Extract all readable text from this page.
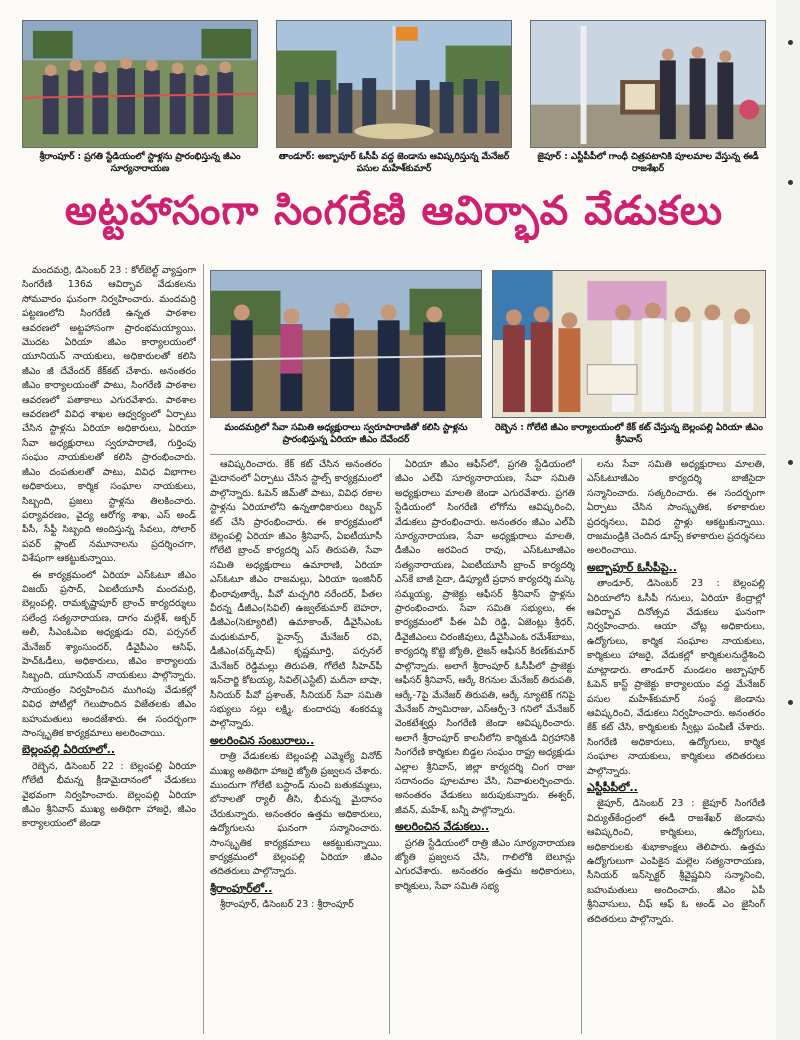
శ్రీరాంపూర్ : ప్రగతి స్టేడియంలో స్టాళ్లను ప్రారంభిస్తున్న జీఎం సూర్యనారాయణ
తాండూర్: అబ్బాపూర్ ఓసీపీ వద్ద జెండాను ఆవిష్కరిస్తున్న మేనేజర్ పసుల మహేశ్‌కుమార్
జైపూర్ : ఎస్టీపీపీలో గాంధీ చిత్రపటానికి పూలమాల వేస్తున్న ఈడీ రాజశేఖర్
అట్టహాసంగా సింగరేణి ఆవిర్భావ వేడుకలు

మందమర్రి, డిసెంబర్ 23 : కోల్‌బెల్ట్ వ్యాప్తంగా సింగరేణి 136వ ఆవిర్భావ వేడుకలను సోమవారం ఘనంగా నిర్వహించారు. మందమర్రి పట్టణంలోని సింగరేణి ఉన్నత పాఠశాల ఆవరణలో అట్టహాసంగా ప్రారంభమయ్యాయి. మొదట ఏరియా జీఎం కార్యాలయంలో యూనియన్ నాయకులు, అధికారులతో కలిసి జీఎం జీ దేవేందర్ కేక్‌కట్ చేశారు. అనంతరం జీఎం కార్యాలయంతో పాటు, సింగరేణి పాఠశాల ఆవరణలో పతాకాలు ఎగురవేశారు. పాఠశాల ఆవరణలో వివిధ శాఖల ఆధ్వర్యంలో ఏర్పాటు చేసిన స్టాళ్లను ఏరియా అధికారులు, ఏరియా సేవా అధ్యక్షురాలు స్వరూపారాణి, గుర్తింపు సంఘం నాయకులతో కలిసి ప్రారంభించారు. జీఎం దంపతులతో పాటు, వివిధ విభాగాల అధికారులు, కార్మిక సంఘాల నాయకులు, సిబ్బంది, ప్రజలు స్టాళ్లను తిలకించారు. పర్యావరణం, వైద్య ఆరోగ్య శాఖ, ఎస్ అండ్ పీసీ, సేఫ్టీ సిబ్బంది అందిస్తున్న సేవలు, సోలార్ పవర్ ప్లాంట్ నమూనాలను ప్రదర్శించగా, విశేషంగా ఆకట్టుకున్నాయి.

ఈ కార్యక్రమంలో ఏరియా ఎస్‌ఓటూ జీఎం విజయ్ ప్రసాద్, ఏఐటీయూసీ మందమర్రి, బెల్లంపల్లి, రామకృష్ణాపూర్ బ్రాంచ్ కార్యదర్శులు సలేంద్ర సత్యనారాయణ, దాగం మల్లేశ్, అక్బర్ అలీ, సీఎంఓఏఐ అధ్యక్షుడు రవి, పర్సనల్ మేనేజర్ శ్యాంసుందర్, డీవైపీఎం ఆసిఫ్, హెచ్‌ఓడీలు, అధికారులు, జీఎం కార్యాలయ సిబ్బంది, యూనియన్ నాయకులు పాల్గొన్నారు. సాయంత్రం నిర్వహించిన ముగింపు వేడుకల్లో వివిధ పోటీల్లో గెలుపొందిన విజేతలకు జీఎం బహుమతులు అందజేశారు. ఈ సందర్భంగా సాంస్కృతిక కార్యక్రమాలు అలరించాయి.

బెల్లంపల్లి ఏరియాలో..

రెబ్బెన, డిసెంబర్ 22 : బెల్లంపల్లి ఏరియా గోలేటి భీమన్న క్రీడామైదానంలో వేడుకలు వైభవంగా నిర్వహించారు. బెల్లంపల్లి ఏరియా జీఎం శ్రీనివాస్ ముఖ్య అతిథిగా హాజరై, జీఎం కార్యాలయంలో జెండా

మందమర్రిలో సేవా సమితి అధ్యక్షురాలు స్వరూపారాణితో కలిసి స్టాళ్లను ప్రారంభిస్తున్న ఏరియా జీఎం దేవేందర్
రెబ్బెన : గోలేటి జీఎం కార్యాలయంలో కేక్ కట్ చేస్తున్న బెల్లంపల్లి ఏరియా జీఎం శ్రీనివాస్

ఆవిష్కరించారు. కేక్ కట్ చేసిన అనంతరం మైదానంలో ఏర్పాటు చేసిన స్టాల్స్ కార్యక్రమంలో పాల్గొన్నారు. ఓపెన్ జిమ్‌తో పాటు, వివిధ రకాల స్టాళ్లను ఏరియాలోని ఉన్నతాధికారులు రిబ్బన్ కట్ చేసి ప్రారంభించారు. ఈ కార్యక్రమంలో బెల్లంపల్లి ఏరియా జీఎం శ్రీనివాస్, ఏఐటీయూసీ గోలేటి బ్రాంచ్ కార్యదర్శి ఎస్ తిరుపతి, సేవా సమితి అధ్యక్షురాలు ఉమారాణి, ఏరియా ఎస్‌ఓటూ జీఎం రాజమల్లు, ఏరియా ఇంజినీర్ భీంరావుతార్కే, పీవో మచ్చగిరి నరేందర్, పీతల వీరన్న డీజీఎం(సివిల్) ఉజ్వల్‌కుమార్ బెహరా, డీజీఎం(సెక్యూరిటీ) ఉమాకాంత్, డీవైసీఎంఓ మధుకుమార్, ఫైనాన్స్ మేనేజర్ రవి, డీజీఎం(వర్క్‌షాప్) కృష్ణమూర్తి, పర్సనల్ మేనేజర్ రెడ్డిమల్లు తిరుపతి, గోలేటి సీహెచ్‌పీ ఇన్‌చార్జి కోటయ్య, సివిల్(ఎస్టేట్) మదీనా బాషా, సీనియర్ పీవో ప్రశాంత్, సీనియర్ సేవా సమితి సభ్యులు సల్లు లక్ష్మి, కుందారపు శంకరమ్మ పాల్గొన్నారు.

అలరించిన సంబురాలు..

రాత్రి వేడుకలకు బెల్లంపల్లి ఎమ్మెల్యే వినోద్ ముఖ్య అతిథిగా హాజరై జ్యోతి ప్రజ్వలన చేశారు. ముందుగా గోలేటి బస్టాండ్ నుంచి బతుకమ్మలు, బోనాలతో ర్యాలీ తీసి, భీమన్న మైదానం చేరుకున్నారు. అనంతరం ఉత్తమ అధికారులు, ఉద్యోగులను ఘనంగా సన్మానించారు. సాంస్కృతిక కార్యక్రమాలు ఆకట్టుకున్నాయి. కార్యక్రమంలో బెల్లంపల్లి ఏరియా జీఎం తదితరులు పాల్గొన్నారు.

శ్రీరాంపూర్‌లో..

శ్రీరాంపూర్, డిసెంబర్ 23 : శ్రీరాంపూర్

ఏరియా జీఎం ఆఫీస్‌లో, ప్రగతి స్టేడియంలో జీఎం ఎల్‌వీ సూర్యనారాయణ, సేవా సమితి అధ్యక్షురాలు మాలతి జెండా ఎగురవేశారు. ప్రగతి స్టేడియంలో సింగరేణి లోగోను ఆవిష్కరించి, వేడుకలు ప్రారంభించారు. అనంతరం జీఎం ఎల్‌వీ సూర్యనారాయణ, సేవా అధ్యక్షురాలు మాలతి, డీజీఎం అరవింద రావు, ఎస్‌ఓటూజీఎం సత్యనారాయణ, ఏఐటీయూసీ బ్రాంచ్ కార్యదర్శి ఎస్‌కే బాజీ సైదా, డిప్యూటీ ప్రధాన కార్యదర్శి మస్కె సమ్మయ్య, ప్రాజెక్టు ఆఫీసర్ శ్రీనివాస్ స్టాళ్లను ప్రారంభించారు. సేవా సమితి సభ్యులు, ఈ కార్యక్రమంలో పీఈ ఏవీ రెడ్డి, ఏజెంట్లు శ్రీధర్, డీవైజీఎంలు చిరంజీవులు, డీవైసీఎంఓ రమేశ్‌బాబు, కార్యదర్శి కొట్టె జ్యోతి, లైజన్ ఆఫీసర్ కిరణ్‌కుమార్ పాల్గొన్నారు. అలాగే శ్రీరాంపూర్ ఓసీపీలో ప్రాజెక్టు ఆఫీసర్ శ్రీనివాస్, ఆర్కే 8గనుల మేనేజర్ తిరుపతి, ఆర్కే-7పై మేనేజర్ తిరుపతి, ఆర్కే న్యూటెక్ గనిపై మేనేజర్ స్వామిరాజు, ఎస్ఆర్పీ-3 గనిలో మేనేజర్ వెంకటేశ్వర్లు సింగరేణి జెండా ఆవిష్కరించారు. అలాగే శ్రీరాంపూర్ కాలనీలోని కార్మికుడి విగ్రహానికి సింగరేణి కార్మికుల బిడ్డల సంఘం రాష్ట్ర అధ్యక్షుడు ఎల్లాల శ్రీనివాస్, జిల్లా కార్యదర్శి చింగ రాజు సదానందం పూలమాల వేసి, నివాళులర్పించారు. అనంతరం వేడుకలు జరుపుకున్నారు. ఈశ్వర్, జీవన్, మహేశ్, బన్నీ పాల్గొన్నారు.

అలరించిన వేడుకలు..

ప్రగతి స్టేడియంలో రాత్రి జీఎం సూర్యనారాయణ జ్యోతి ప్రజ్వలన చేసి, గాలిలోకి బెలూన్లు ఎగురవేశారు. అనంతరం ఉత్తమ అధికారులు, కార్మికులు, సేవా సమితి సభ్య

లను సేవా సమితి అధ్యక్షురాలు మాలతి, ఎస్‌ఓటూజీఎం కార్యదర్శి బాజీసైదా సన్మానించారు. సత్కరించారు. ఈ సందర్భంగా ఏర్పాటు చేసిన సాంస్కృతిక, కళాకారుల ప్రదర్శనలు, వివిధ స్టాళ్లు ఆకట్టుకున్నాయి. రాజమండ్రికి చెందిన డూప్స్ కళాకారుల ప్రదర్శనలు అలరించాయి.

అబ్బాపూర్ ఓసీపీపై..

తాండూర్, డిసెంబర్ 23 : బెల్లంపల్లి ఏరియాలోని ఓసీపీ గనులు, ఏరియా కేంద్రాల్లో ఆవిర్భావ దినోత్సవ వేడుకలు ఘనంగా నిర్వహించారు. ఆయా చోట్ల అధికారులు, ఉద్యోగులు, కార్మిక సంఘాల నాయకులు, కార్మికులు హాజరై, వేడుకల్లో కార్మికులనుద్దేశించి మాట్లాడారు. తాండూర్ మండలం అబ్బాపూర్ ఓపెన్ కాస్ట్ ప్రాజెక్టు కార్యాలయం వద్ద మేనేజర్ పసుల మహేశ్‌కుమార్ సంస్థ జెండాను ఆవిష్కరించి, వేడుకలు నిర్వహించారు. అనంతరం కేక్ కట్ చేసి, కార్మికులకు స్వీట్లు పంపిణీ చేశారు. సింగరేణి అధికారులు, ఉద్యోగులు, కార్మిక సంఘాల నాయకులు, కార్మికులు తదితరులు పాల్గొన్నారు.

ఎస్టీపీపీలో..

జైపూర్, డిసెంబర్ 23 : జైపూర్ సింగరేణి విద్యుత్‌కేంద్రంలో ఈడీ రాజశేఖర్ జెండాను ఆవిష్కరించి, కార్మికులు, ఉద్యోగులు, అధికారులకు శుభాకాంక్షలు తెలిపారు. ఉత్తమ ఉద్యోగులుగా ఎంపికైన మల్లెల సత్యనారాయణ, సీనియర్ ఇన్‌స్పెక్టర్ శ్రీవైష్ణవిని సన్మానించి, బహుమతులు అందించారు. జీఎం ఏపీ శ్రీనివాసులు, చీఫ్ ఆఫ్ ఓ అండ్ ఎం జైసింగ్ తదితరులు పాల్గొన్నారు.
